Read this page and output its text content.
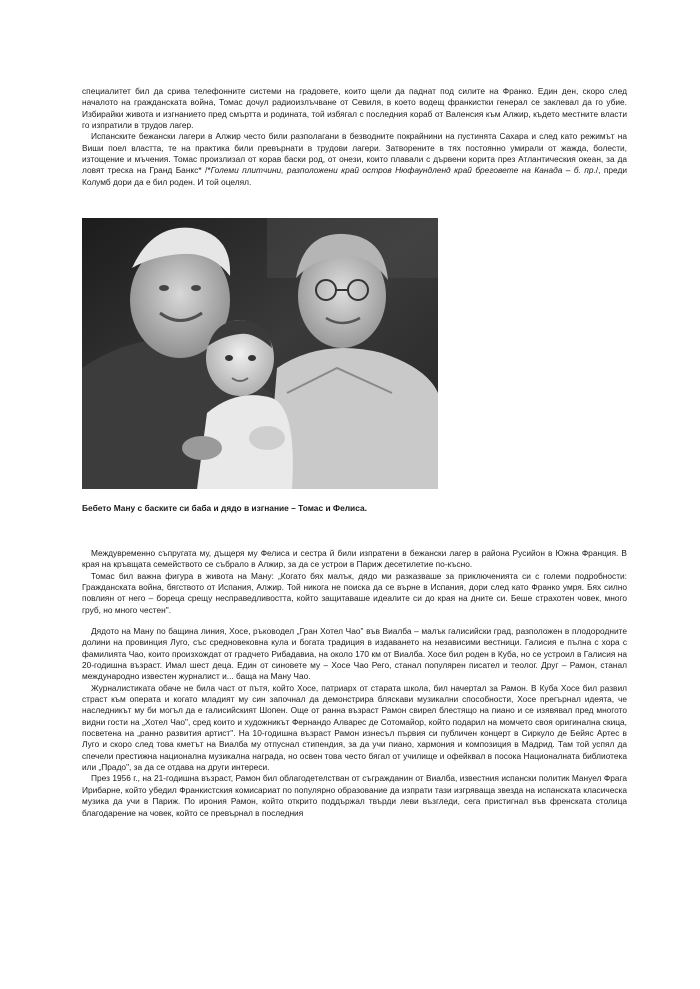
специалитет бил да срива телефонните системи на градовете, които щели да паднат под силите на Франко. Един ден, скоро след началото на гражданската война, Томас дочул радиоизлъчване от Севиля, в което водещ франкистки генерал се заклевал да го убие. Избирайки живота и изгнанието пред смъртта и родината, той избягал с последния кораб от Валенсия към Алжир, където местните власти го изпратили в трудов лагер.

Испанските бежански лагери в Алжир често били разполагани в безводните покрайнини на пустинята Сахара и след като режимът на Виши поел властта, те на практика били превърнати в трудови лагери. Затворените в тях постоянно умирали от жажда, болести, изтощение и мъчения. Томас произлизал от корав баски род, от онези, които плавали с дървени корита през Атлантическия океан, за да ловят треска на Гранд Банкс* /*Големи плитчини, разположени край остров Нюфаундленд край бреговете на Канада – б. пр./, преди Колумб дори да е бил роден. И той оцелял.

Бебето Ману с баските си баба и дядо в изгнание – Томас и Фелиса.

Междувременно съпругата му, дъщеря му Фелиса и сестра й били изпратени в бежански лагер в района Русийон в Южна Франция. В края на кръвщата семейството се събрало в Алжир, за да се устрои в Париж десетилетие по-късно.

Томас бил важна фигура в живота на Ману: „Когато бях малък, дядо ми разказваше за приключенията си с големи подробности: Гражданската война, бягството от Испания, Алжир. Той никога не поиска да се върне в Испания, дори след като Франко умря. Бях силно повлиян от него – бореца срещу несправедливостта, който защитаваше идеалите си до края на дните си. Беше страхотен човек, много груб, но много честен".

Дядото на Ману по бащина линия, Хосе, ръководел „Гран Хотел Чао" във Виалба – малък галисийски град, разположен в плодородните долини на провинция Луго, със средновековна кула и богата традиция в издаването на независими вестници. Галисия е пълна с хора с фамилията Чао, които произхождат от градчето Рибадавиа, на около 170 км от Виалба. Хосе бил роден в Куба, но се устроил в Галисия на 20-годишна възраст. Имал шест деца. Един от синовете му – Хосе Чао Рего, станал популярен писател и теолог. Друг – Рамон, станал международно известен журналист и... баща на Ману Чао.

Журналистиката обаче не била част от пътя, който Хосе, патриарх от старата школа, бил начертал за Рамон. В Куба Хосе бил развил страст към операта и когато младият му син започнал да демонстрира бляскави музикални способности, Хосе прегърнал идеята, че наследникът му би могъл да е галисийският Шопен. Още от ранна възраст Рамон свирел блестящо на пиано и се изявявал пред многото видни гости на „Хотел Чао", сред които и художникът Фернандо Алварес де Сотомайор, който подарил на момчето своя оригинална скица, посветена на „ранно развития артист". На 10-годишна възраст Рамон изнесъл първия си публичен концерт в Сиркуло де Бейяс Артес в Луго и скоро след това кметът на Виалба му отпуснал стипендия, за да учи пиано, хармония и композиция в Мадрид. Там той успял да спечели престижна национална музикална награда, но освен това често бягал от училище и офейквал в посока Националната библиотека или „Прадо", за да се отдава на други интереси.

През 1956 г., на 21-годишна възраст, Рамон бил облагодетелстван от съгражданин от Виалба, известния испански политик Мануел Фрага Ирибарне, който убедил Франкистския комисариат по популярно образование да изпрати тази изгряваща звезда на испанската класическа музика да учи в Париж. По ирония Рамон, който открито поддържал твърди леви възгледи, сега пристигнал във френската столица благодарение на човек, който се превърнал в последния
